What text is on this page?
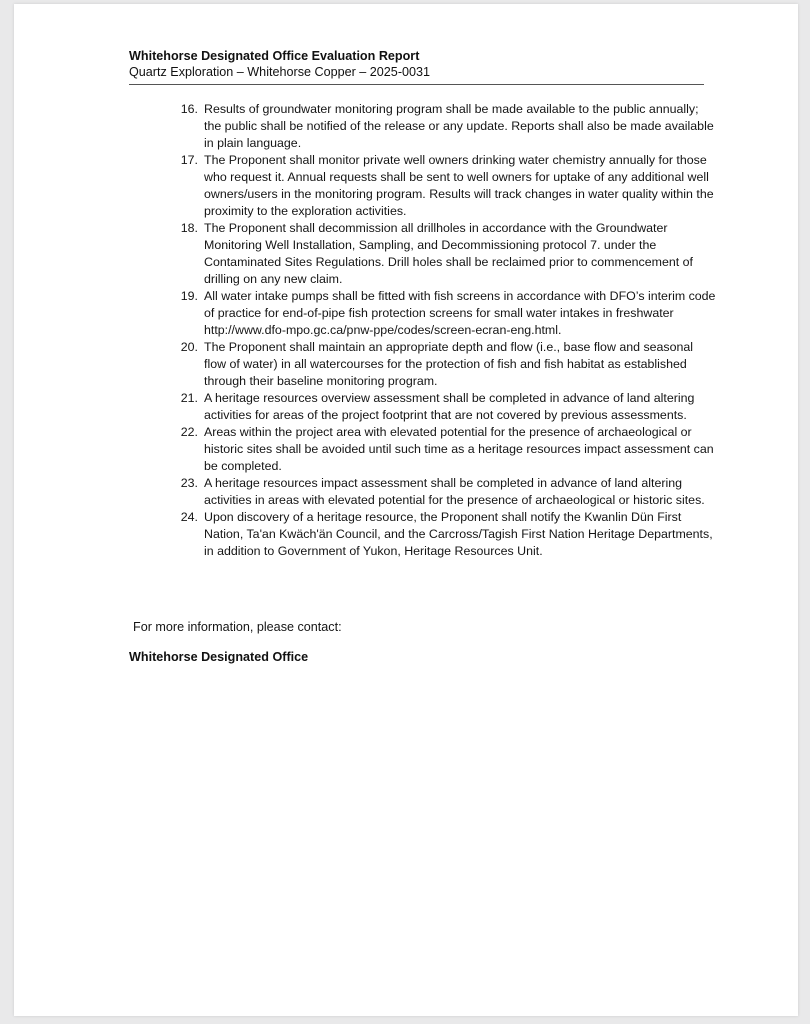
Whitehorse Designated Office Evaluation Report
Quartz Exploration – Whitehorse Copper – 2025-0031
16. Results of groundwater monitoring program shall be made available to the public annually; the public shall be notified of the release or any update. Reports shall also be made available in plain language.
17. The Proponent shall monitor private well owners drinking water chemistry annually for those who request it. Annual requests shall be sent to well owners for uptake of any additional well owners/users in the monitoring program. Results will track changes in water quality within the proximity to the exploration activities.
18. The Proponent shall decommission all drillholes in accordance with the Groundwater Monitoring Well Installation, Sampling, and Decommissioning protocol 7. under the Contaminated Sites Regulations. Drill holes shall be reclaimed prior to commencement of drilling on any new claim.
19. All water intake pumps shall be fitted with fish screens in accordance with DFO’s interim code of practice for end-of-pipe fish protection screens for small water intakes in freshwater http://www.dfo-mpo.gc.ca/pnw-ppe/codes/screen-ecran-eng.html.
20. The Proponent shall maintain an appropriate depth and flow (i.e., base flow and seasonal flow of water) in all watercourses for the protection of fish and fish habitat as established through their baseline monitoring program.
21. A heritage resources overview assessment shall be completed in advance of land altering activities for areas of the project footprint that are not covered by previous assessments.
22. Areas within the project area with elevated potential for the presence of archaeological or historic sites shall be avoided until such time as a heritage resources impact assessment can be completed.
23. A heritage resources impact assessment shall be completed in advance of land altering activities in areas with elevated potential for the presence of archaeological or historic sites.
24. Upon discovery of a heritage resource, the Proponent shall notify the Kwanlin Dün First Nation, Ta'an Kwäch'än Council, and the Carcross/Tagish First Nation Heritage Departments, in addition to Government of Yukon, Heritage Resources Unit.
For more information, please contact:
Whitehorse Designated Office
